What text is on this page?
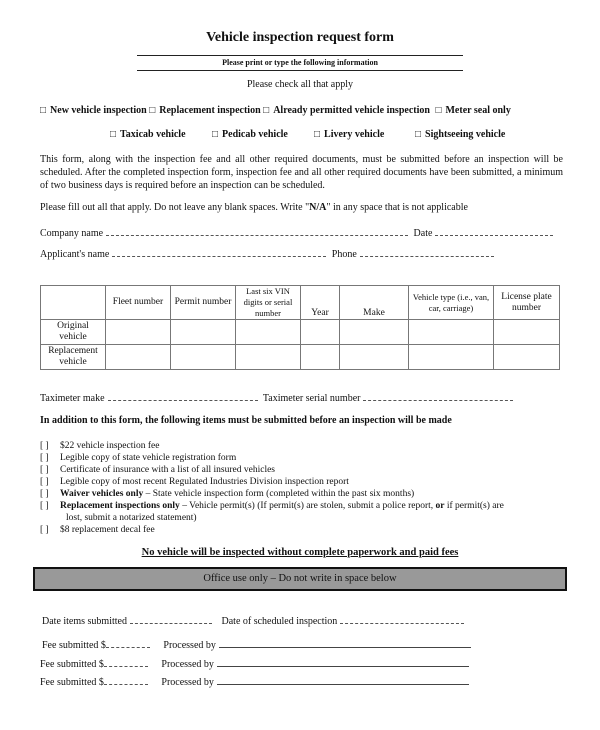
Vehicle inspection request form
Please print or type the following information
Please check all that apply
□ New vehicle inspection □ Replacement inspection □ Already permitted vehicle inspection □ Meter seal only
□ Taxicab vehicle	□ Pedicab vehicle	□ Livery vehicle	□ Sightseeing vehicle
This form, along with the inspection fee and all other required documents, must be submitted before an inspection will be scheduled. After the completed inspection form, inspection fee and all other required documents have been submitted, a minimum of two business days is required before an inspection can be scheduled.
Please fill out all that apply. Do not leave any blank spaces. Write "N/A" in any space that is not applicable
Company name	Date
Applicant's name	Phone
	Fleet number	Permit number	Last six VIN digits or serial number	Year	Make	Vehicle type (i.e., van, car, carriage)	License plate number
Original vehicle							
Replacement vehicle							
Taximeter make	Taximeter serial number
In addition to this form, the following items must be submitted before an inspection will be made
[ ] $22 vehicle inspection fee
[ ] Legible copy of state vehicle registration form
[ ] Certificate of insurance with a list of all insured vehicles
[ ] Legible copy of most recent Regulated Industries Division inspection report
[ ] Waiver vehicles only – State vehicle inspection form (completed within the past six months)
[ ] Replacement inspections only – Vehicle permit(s) (If permit(s) are stolen, submit a police report, or if permit(s) are
lost, submit a notarized statement)
[ ] $8 replacement decal fee
No vehicle will be inspected without complete paperwork and paid fees
Office use only – Do not write in space below
Date items submitted	Date of scheduled inspection
Fee submitted $	Processed by
Fee submitted $	Processed by
Fee submitted $	Processed by
